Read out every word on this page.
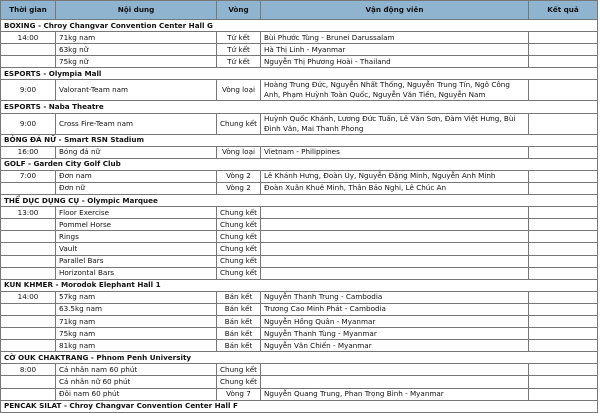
Thời gian	Nội dung	Vòng	Vận động viên	Kết quả
BOXING - Chroy Changvar Convention Center Hall G				
14:00	71kg nam	Tứ kết	Bùi Phước Tùng - Brunei Darussalam	
	63kg nữ	Tứ kết	Hà Thị Linh - Myanmar	
	75kg nữ	Tứ kết	Nguyễn Thị Phương Hoài - Thailand	
ESPORTS - Olympia Mall				
9:00	Valorant-Team nam	Vòng loại	Hoàng Trung Đức, Nguyễn Nhất Thống, Nguyễn Trung Tín, Ngô Công Anh, Phạm Huỳnh Toàn Quốc, Nguyễn Văn Tiến, Nguyễn Nam	
ESPORTS - Naba Theatre				
9:00	Cross Fire-Team nam	Chung kết	Huỳnh Quốc Khánh, Lương Đức Tuấn, Lê Văn Sơn, Đàm Việt Hưng, Bùi Đình Văn, Mai Thanh Phong	
BÓNG ĐÁ NỮ - Smart RSN Stadium				
16:00	Bóng đá nữ	Vòng loại	Vietnam - Philippines	
GOLF - Garden City Golf Club				
7:00	Đơn nam	Vòng 2	Lê Khánh Hưng, Đoàn Uy, Nguyễn Đặng Minh, Nguyễn Anh Minh	
	Đơn nữ	Vòng 2	Đoàn Xuân Khuê Minh, Thân Bảo Nghi, Lê Chúc An	
THỂ DỤC DỤNG CỤ - Olympic Marquee				
13:00	Floor Exercise	Chung kết		
	Pommel Horse	Chung kết		
	Rings	Chung kết		
	Vault	Chung kết		
	Parallel Bars	Chung kết		
	Horizontal Bars	Chung kết		
KUN KHMER - Morodok Elephant Hall 1				
14:00	57kg nam	Bán kết	Nguyễn Thanh Trung - Cambodia	
	63.5kg nam	Bán kết	Trương Cao Minh Phát - Cambodia	
	71kg nam	Bán kết	Nguyễn Hồng Quân - Myanmar	
	75kg nam	Bán kết	Nguyễn Thanh Tùng - Myanmar	
	81kg nam	Bán kết	Nguyễn Văn Chiến - Myanmar	
CỜ OUK CHAKTRANG - Phnom Penh University				
8:00	Cá nhân nam 60 phút	Chung kết		
	Cá nhân nữ 60 phút	Chung kết		
	Đôi nam 60 phút	Vòng 7	Nguyễn Quang Trung, Phan Trọng Bình - Myanmar	
PENCAK SILAT - Chroy Changvar Convention Center Hall F				
